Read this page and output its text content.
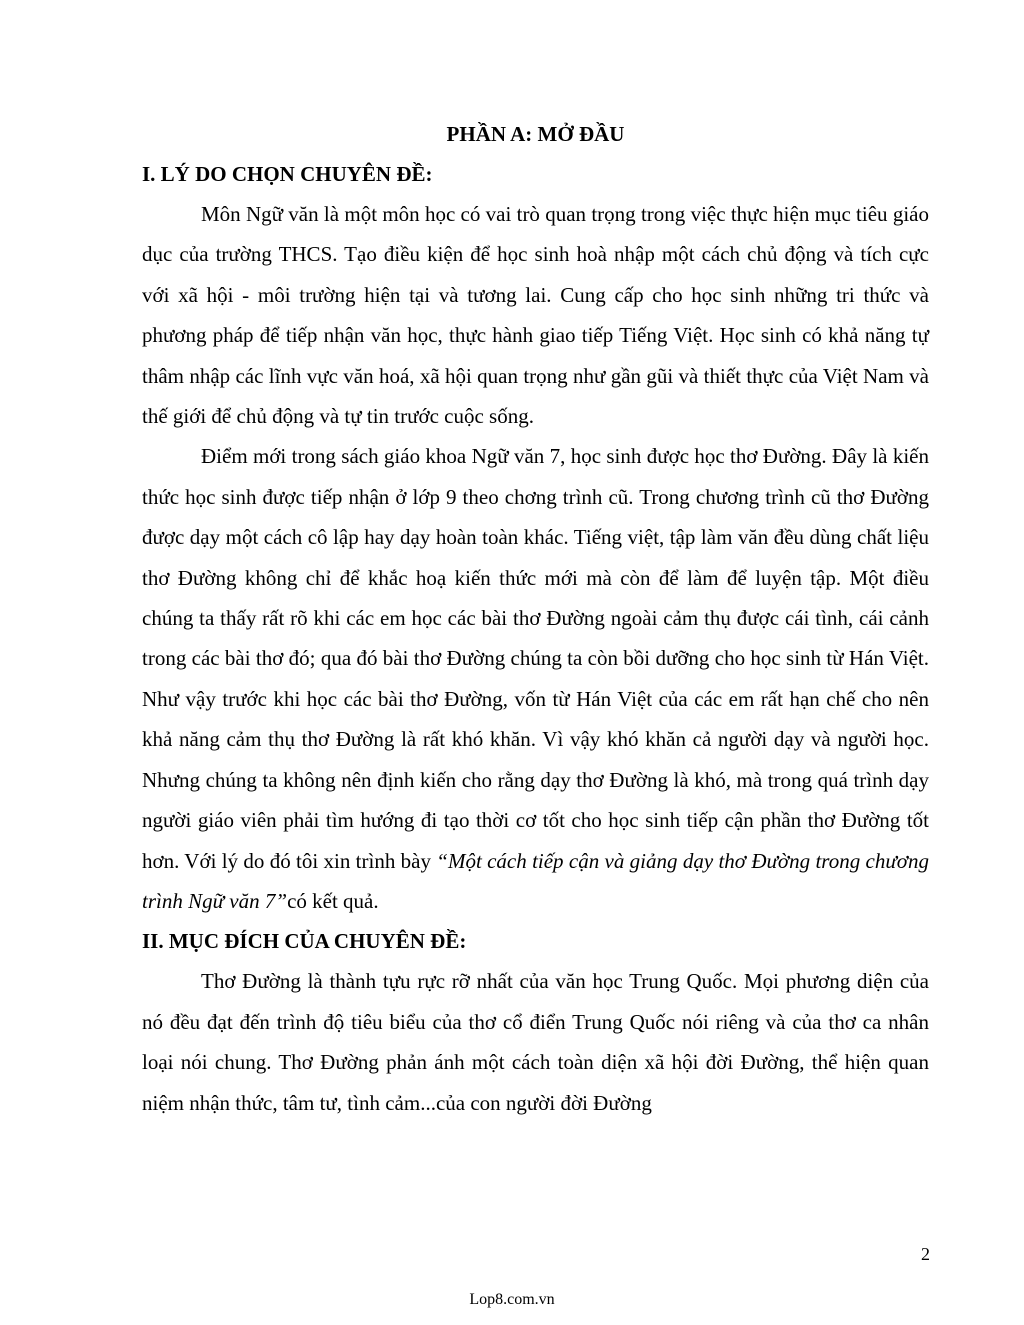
PHẦN A: MỞ ĐẦU

I. LÝ DO CHỌN CHUYÊN ĐỀ:

Môn Ngữ văn là một môn học có vai trò quan trọng trong việc thực hiện mục tiêu giáo dục của trường THCS. Tạo điều kiện để học sinh hoà nhập một cách chủ động và tích cực với xã hội - môi trường hiện tại và tương lai. Cung cấp cho học sinh những tri thức và phương pháp để tiếp nhận văn học, thực hành giao tiếp Tiếng Việt. Học sinh có khả năng tự thâm nhập các lĩnh vực văn hoá, xã hội quan trọng như gần gũi và thiết thực của Việt Nam và thế giới để chủ động và tự tin trước cuộc sống.

Điểm mới trong sách giáo khoa Ngữ văn 7, học sinh được học thơ Đường. Đây là kiến thức học sinh được tiếp nhận ở lớp 9 theo chơng trình cũ. Trong chương trình cũ thơ Đường được dạy một cách cô lập hay dạy hoàn toàn khác. Tiếng việt, tập làm văn đều dùng chất liệu thơ Đường không chỉ để khắc hoạ kiến thức mới mà còn để làm để luyện tập. Một điều chúng ta thấy rất rõ khi các em học các bài thơ Đường ngoài cảm thụ được cái tình, cái cảnh trong các bài thơ đó; qua đó bài thơ Đường chúng ta còn bồi dưỡng cho học sinh từ Hán Việt. Như vậy trước khi học các bài thơ Đường, vốn từ Hán Việt của các em rất hạn chế cho nên khả năng cảm thụ thơ Đường là rất khó khăn. Vì vậy khó khăn cả người dạy và người học. Nhưng chúng ta không nên định kiến cho rằng dạy thơ Đường là khó, mà trong quá trình dạy người giáo viên phải tìm hướng đi tạo thời cơ tốt cho học sinh tiếp cận phần thơ Đường tốt hơn. Với lý do đó tôi xin trình bày “Một cách tiếp cận và giảng dạy thơ Đường trong chương trình Ngữ văn 7”có kết quả.

II. MỤC ĐÍCH CỦA CHUYÊN ĐỀ:

Thơ Đường là thành tựu rực rỡ nhất của văn học Trung Quốc. Mọi phương diện của nó đều đạt đến trình độ tiêu biểu của thơ cổ điển Trung Quốc nói riêng và của thơ ca nhân loại nói chung. Thơ Đường phản ánh một cách toàn diện xã hội đời Đường, thể hiện quan niệm nhận thức, tâm tư, tình cảm...của con người đời Đường

2
Lop8.com.vn
